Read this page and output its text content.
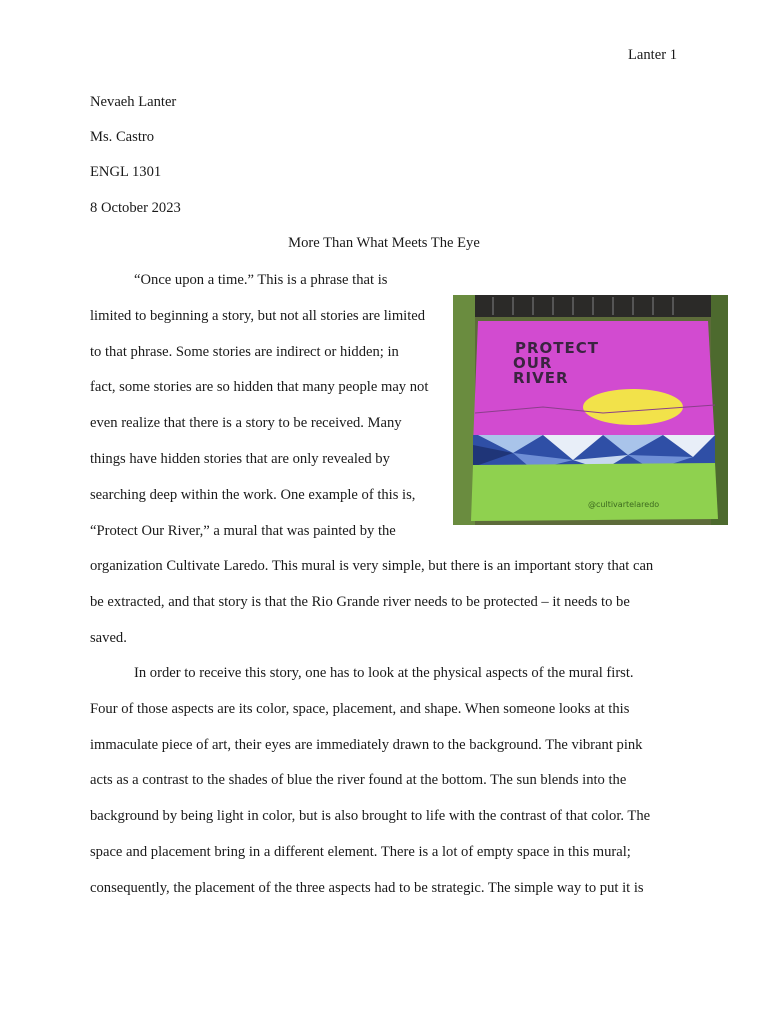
Lanter 1
Nevaeh Lanter
Ms. Castro
ENGL 1301
8 October 2023
More Than What Meets The Eye
“Once upon a time.” This is a phrase that is
limited to beginning a story, but not all stories are limited
to that phrase. Some stories are indirect or hidden; in
fact, some stories are so hidden that many people may not
even realize that there is a story to be received. Many
things have hidden stories that are only revealed by
searching deep within the work. One example of this is,
“Protect Our River,” a mural that was painted by the
organization Cultivate Laredo. This mural is very simple, but there is an important story that can
be extracted, and that story is that the Rio Grande river needs to be protected – it needs to be
saved.
In order to receive this story, one has to look at the physical aspects of the mural first.
Four of those aspects are its color, space, placement, and shape. When someone looks at this
immaculate piece of art, their eyes are immediately drawn to the background. The vibrant pink
acts as a contrast to the shades of blue the river found at the bottom. The sun blends into the
background by being light in color, but is also brought to life with the contrast of that color. The
space and placement bring in a different element. There is a lot of empty space in this mural;
consequently, the placement of the three aspects had to be strategic. The simple way to put it is
PROTECT
OUR
RIVER
@cultivartelaredo
